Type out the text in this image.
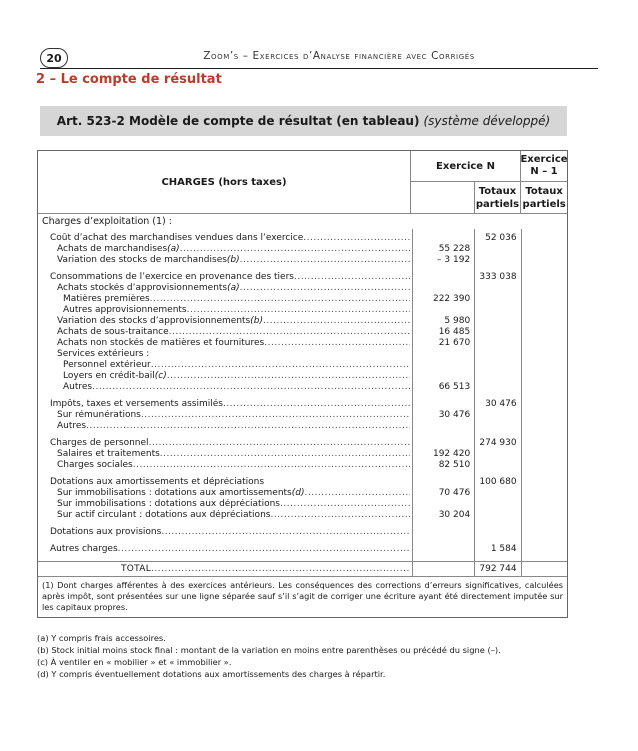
20	Zoom’s – Exercices d’Analyse financière avec Corrigés
2 – Le compte de résultat
Art. 523-2 Modèle de compte de résultat (en tableau) (système développé)
CHARGES (hors taxes)
Exercice N
Exercice N – 1
Totaux partiels
Totaux partiels
Charges d’exploitation (1) :
Coût d’achat des marchandises vendues dans l’exercice
.....
Achats de marchandises (a)
.....
Variation des stocks de marchandises (b)
.....
Consommations de l’exercice en provenance des tiers
.....
Achats stockés d’approvisionnements (a)
.....
Matières premières
.....
Autres approvisionnements
.....
Variation des stocks d’approvisionnements (b)
.....
Achats de sous-traitance
.....
Achats non stockés de matières et fournitures
.....
Services extérieurs :
Personnel extérieur
.....
Loyers en crédit-bail (c)
.....
Autres
.....
Impôts, taxes et versements assimilés
.....
Sur rémunérations
.....
Autres
.....
Charges de personnel
.....
Salaires et traitements
.....
Charges sociales
.....
Dotations aux amortissements et dépréciations
Sur immobilisations : dotations aux amortissements (d)
.....
Sur immobilisations : dotations aux dépréciations
.....
Sur actif circulant : dotations aux dépréciations
.....
Dotations aux provisions
.....
Autres charges
.....
55 228
– 3 192
222 390
5 980
16 485
21 670
66 513
30 476
192 420
82 510
70 476
30 204
52 036
333 038
30 476
274 930
100 680
1 584
TOTAL
.....	792 744
(1) Dont charges afférentes à des exercices antérieurs. Les conséquences des corrections d’erreurs significatives, calculées après impôt, sont présentées sur une ligne séparée sauf s’il s’agit de corriger une écriture ayant été directement imputée sur les capitaux propres.
(a) Y compris frais accessoires.
(b) Stock initial moins stock final : montant de la variation en moins entre parenthèses ou précédé du signe (–).
(c) À ventiler en « mobilier » et « immobilier ».
(d) Y compris éventuellement dotations aux amortissements des charges à répartir.
